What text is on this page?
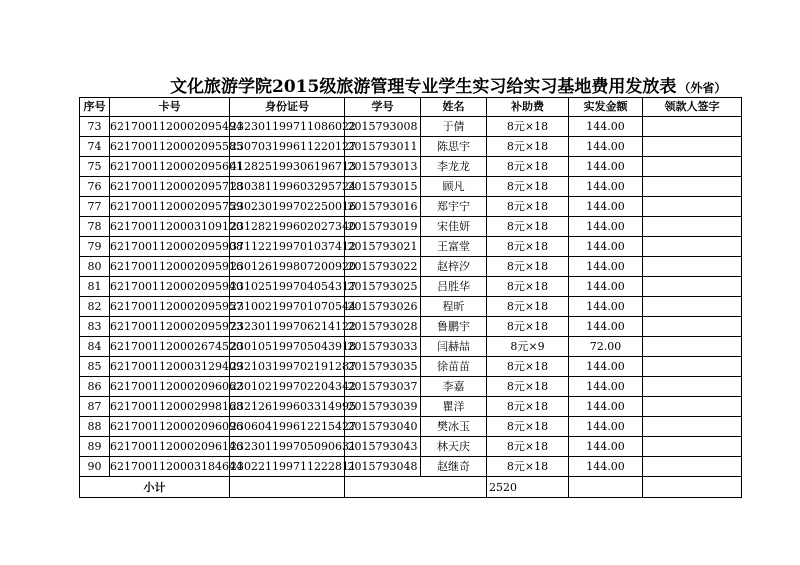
文化旅游学院2015级旅游管理专业学生实习给实习基地费用发放表 （外省）
序号	卡号	身份证号	学号	姓名	补助费	实发金额	领款人签字
73	6217001120002095494	232301199711086022	2015793008	于倩	8元×18	144.00	
74	6217001120002095585	230703199611220127	2015793011	陈思宇	8元×18	144.00	
75	6217001120002095601	412825199306196713	2015793013	李龙龙	8元×18	144.00	
76	6217001120002095718	230381199603295724	2015793015	顾凡	8元×18	144.00	
77	6217001120002095759	230230199702250016	2015793016	郑宇宁	8元×18	144.00	
78	6217001120003109120	231282199602027340	2015793019	宋佳妍	8元×18	144.00	
79	6217001120002095908	371122199701037412	2015793021	王富堂	8元×18	144.00	
80	6217001120002095916	230126199807200920	2015793022	赵梓汐	8元×18	144.00	
81	6217001120002095940	231025199704054317	2015793025	吕胜华	8元×18	144.00	
82	6217001120002095957	231002199701070544	2015793026	程昕	8元×18	144.00	
83	6217001120002095973	232301199706214122	2015793028	鲁鹏宇	8元×18	144.00	
84	6217001120002674520	230105199705043918	2015793033	闫赫喆	8元×9	72.00	
85	6217001120003129409	232103199702191287	2015793035	徐苗苗	8元×18	144.00	
86	6217001120002096062	230102199702204342	2015793037	李嘉	8元×18	144.00	
87	6217001120002998168	232126199603314995	2015793039	瞿洋	8元×18	144.00	
88	6217001120002096096	230604199612215427	2015793040	樊冰玉	8元×18	144.00	
89	6217001120002096146	232301199705090631	2015793043	林天庆	8元×18	144.00	
90	6217001120003184644	230221199711222811	2015793048	赵继奇	8元×18	144.00	
小计					2520		
